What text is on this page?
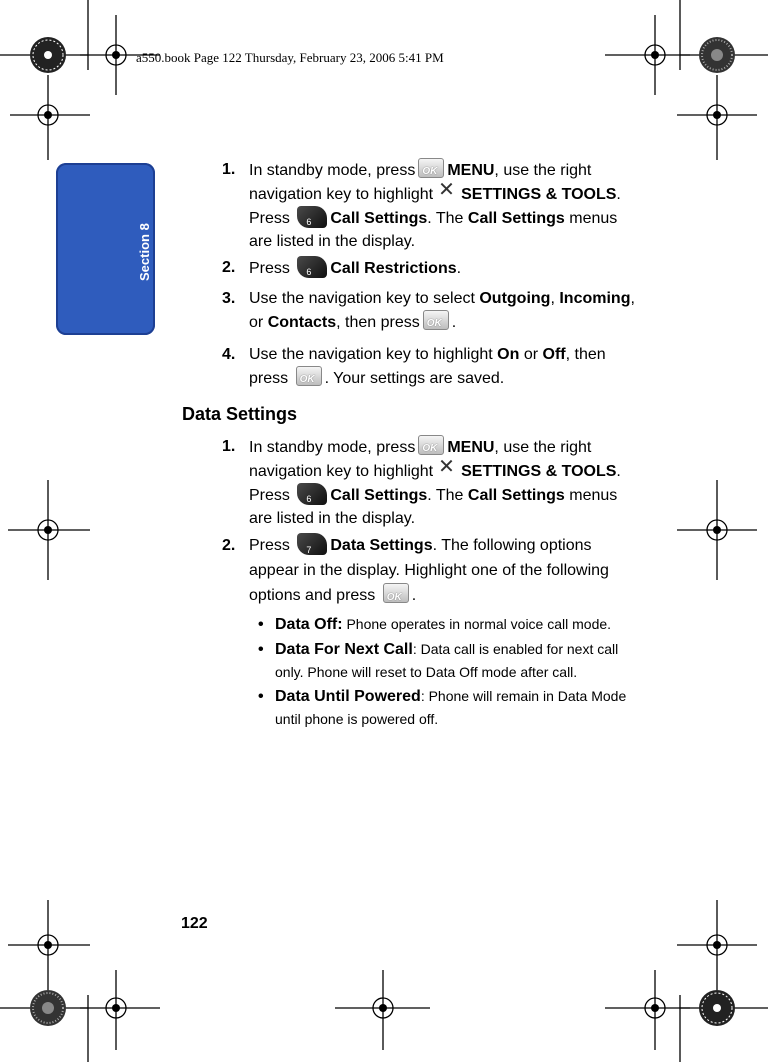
a550.book Page 122 Thursday, February 23, 2006 5:41 PM
Section 8
1. In standby mode, press OK MENU, use the right navigation key to highlight ✕ SETTINGS & TOOLS. Press 6 Call Settings. The Call Settings menus are listed in the display.
2. Press 6 Call Restrictions.
3. Use the navigation key to select Outgoing, Incoming, or Contacts, then press OK .
4. Use the navigation key to highlight On or Off, then press OK . Your settings are saved.
Data Settings
1. In standby mode, press OK MENU, use the right navigation key to highlight ✕ SETTINGS & TOOLS. Press 6 Call Settings. The Call Settings menus are listed in the display.
2. Press 7 Data Settings. The following options appear in the display. Highlight one of the following options and press OK .
• Data Off: Phone operates in normal voice call mode.
• Data For Next Call: Data call is enabled for next call only. Phone will reset to Data Off mode after call.
• Data Until Powered: Phone will remain in Data Mode until phone is powered off.
122
